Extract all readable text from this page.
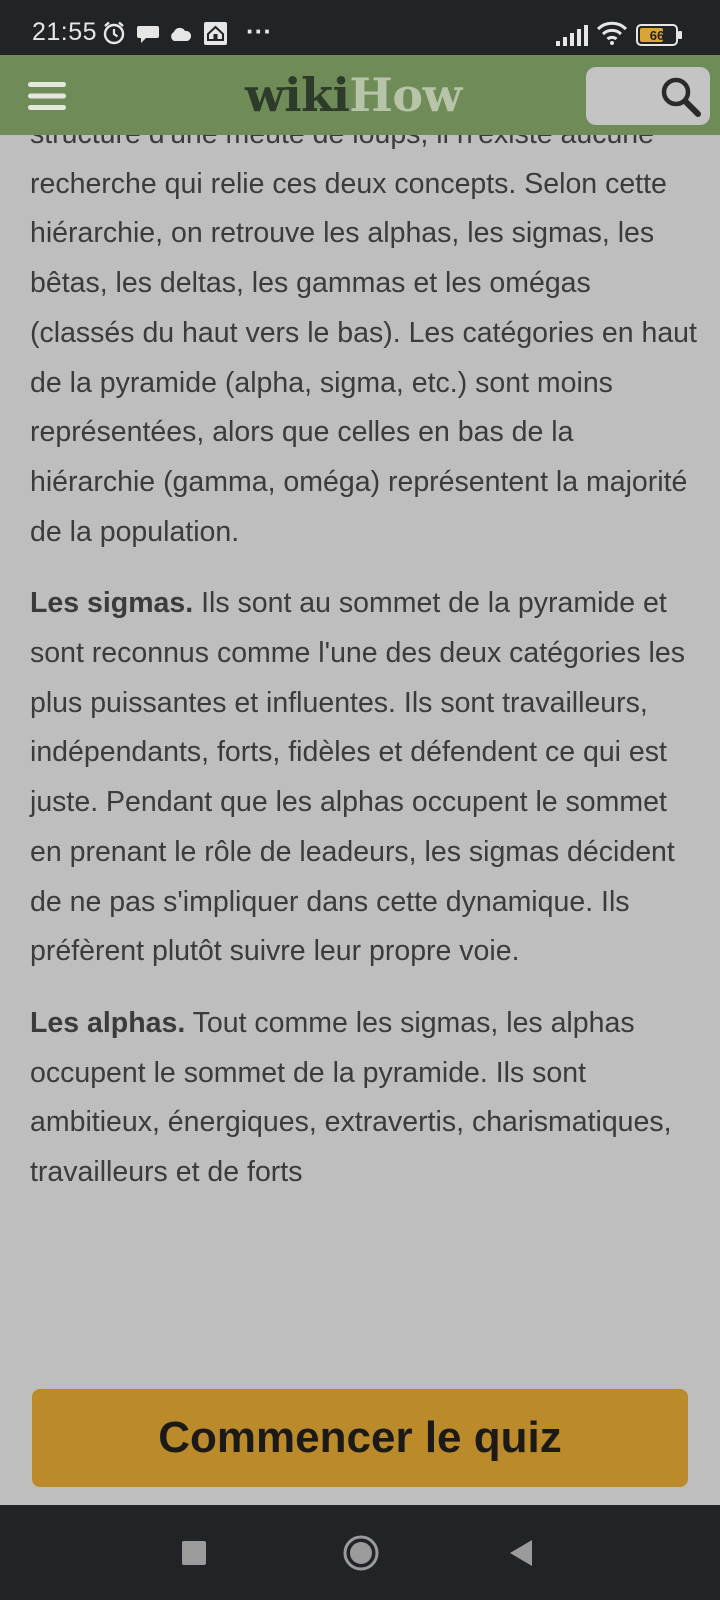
21:55	···	66

recherche qui relie ces deux concepts. Selon cette hiérarchie, on retrouve les alphas, les sigmas, les bêtas, les deltas, les gammas et les omégas (classés du haut vers le bas). Les catégories en haut de la pyramide (alpha, sigma, etc.) sont moins représentées, alors que celles en bas de la hiérarchie (gamma, oméga) représentent la majorité de la population.

Les sigmas. Ils sont au sommet de la pyramide et sont reconnus comme l'une des deux catégories les plus puissantes et influentes. Ils sont travailleurs, indépendants, forts, fidèles et défendent ce qui est juste. Pendant que les alphas occupent le sommet en prenant le rôle de leadeurs, les sigmas décident de ne pas s'impliquer dans cette dynamique. Ils préfèrent plutôt suivre leur propre voie.

Les alphas. Tout comme les sigmas, les alphas occupent le sommet de la pyramide. Ils sont ambitieux, énergiques, extravertis, charismatiques, travailleurs et de forts

wikiHow
Commencer le quiz
